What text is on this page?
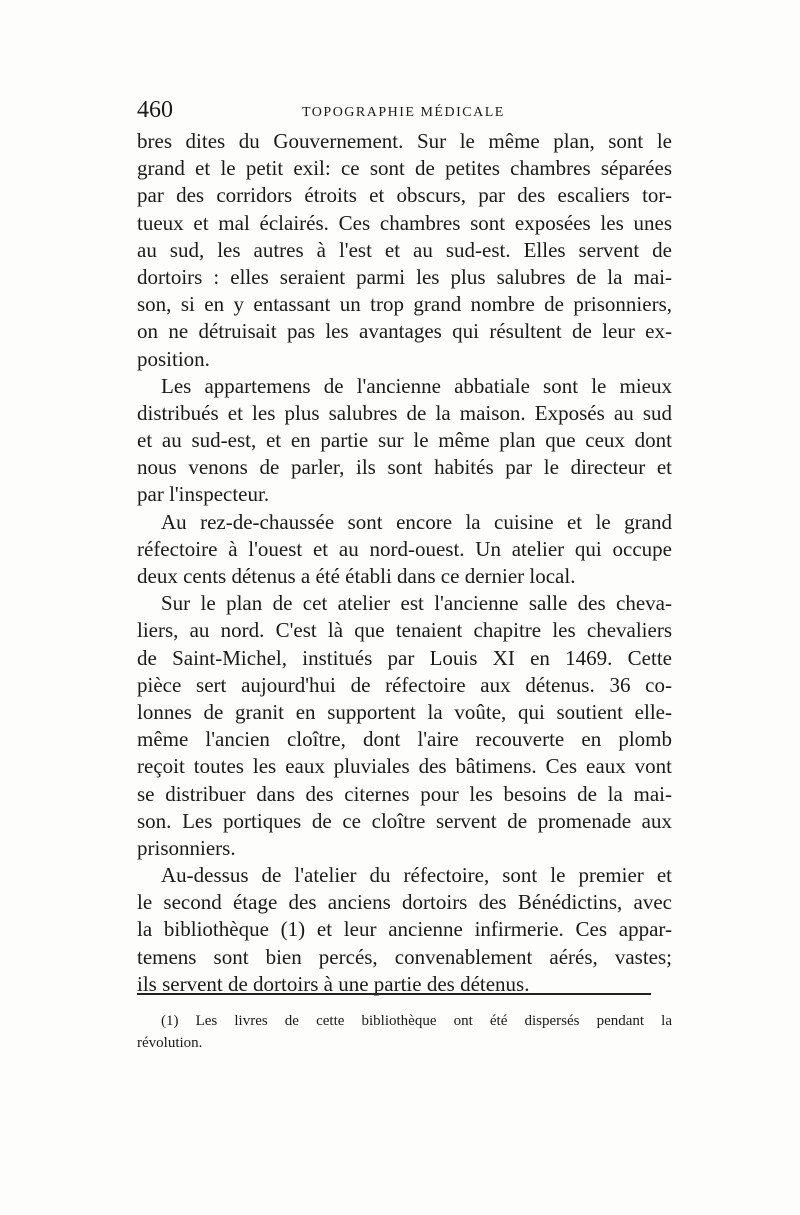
460	TOPOGRAPHIE MÉDICALE
bres dites du Gouvernement. Sur le même plan, sont le
grand et le petit exil: ce sont de petites chambres séparées
par des corridors étroits et obscurs, par des escaliers tor-
tueux et mal éclairés. Ces chambres sont exposées les unes
au sud, les autres à l'est et au sud-est. Elles servent de
dortoirs : elles seraient parmi les plus salubres de la mai-
son, si en y entassant un trop grand nombre de prisonniers,
on ne détruisait pas les avantages qui résultent de leur ex-
position.
Les appartemens de l'ancienne abbatiale sont le mieux
distribués et les plus salubres de la maison. Exposés au sud
et au sud-est, et en partie sur le même plan que ceux dont
nous venons de parler, ils sont habités par le directeur et
par l'inspecteur.
Au rez-de-chaussée sont encore la cuisine et le grand
réfectoire à l'ouest et au nord-ouest. Un atelier qui occupe
deux cents détenus a été établi dans ce dernier local.
Sur le plan de cet atelier est l'ancienne salle des cheva-
liers, au nord. C'est là que tenaient chapitre les chevaliers
de Saint-Michel, institués par Louis XI en 1469. Cette
pièce sert aujourd'hui de réfectoire aux détenus. 36 co-
lonnes de granit en supportent la voûte, qui soutient elle-
même l'ancien cloître, dont l'aire recouverte en plomb
reçoit toutes les eaux pluviales des bâtimens. Ces eaux vont
se distribuer dans des citernes pour les besoins de la mai-
son. Les portiques de ce cloître servent de promenade aux
prisonniers.
Au-dessus de l'atelier du réfectoire, sont le premier et
le second étage des anciens dortoirs des Bénédictins, avec
la bibliothèque (1) et leur ancienne infirmerie. Ces appar-
temens sont bien percés, convenablement aérés, vastes;
ils servent de dortoirs à une partie des détenus.
(1) Les livres de cette bibliothèque ont été dispersés pendant la
révolution.
